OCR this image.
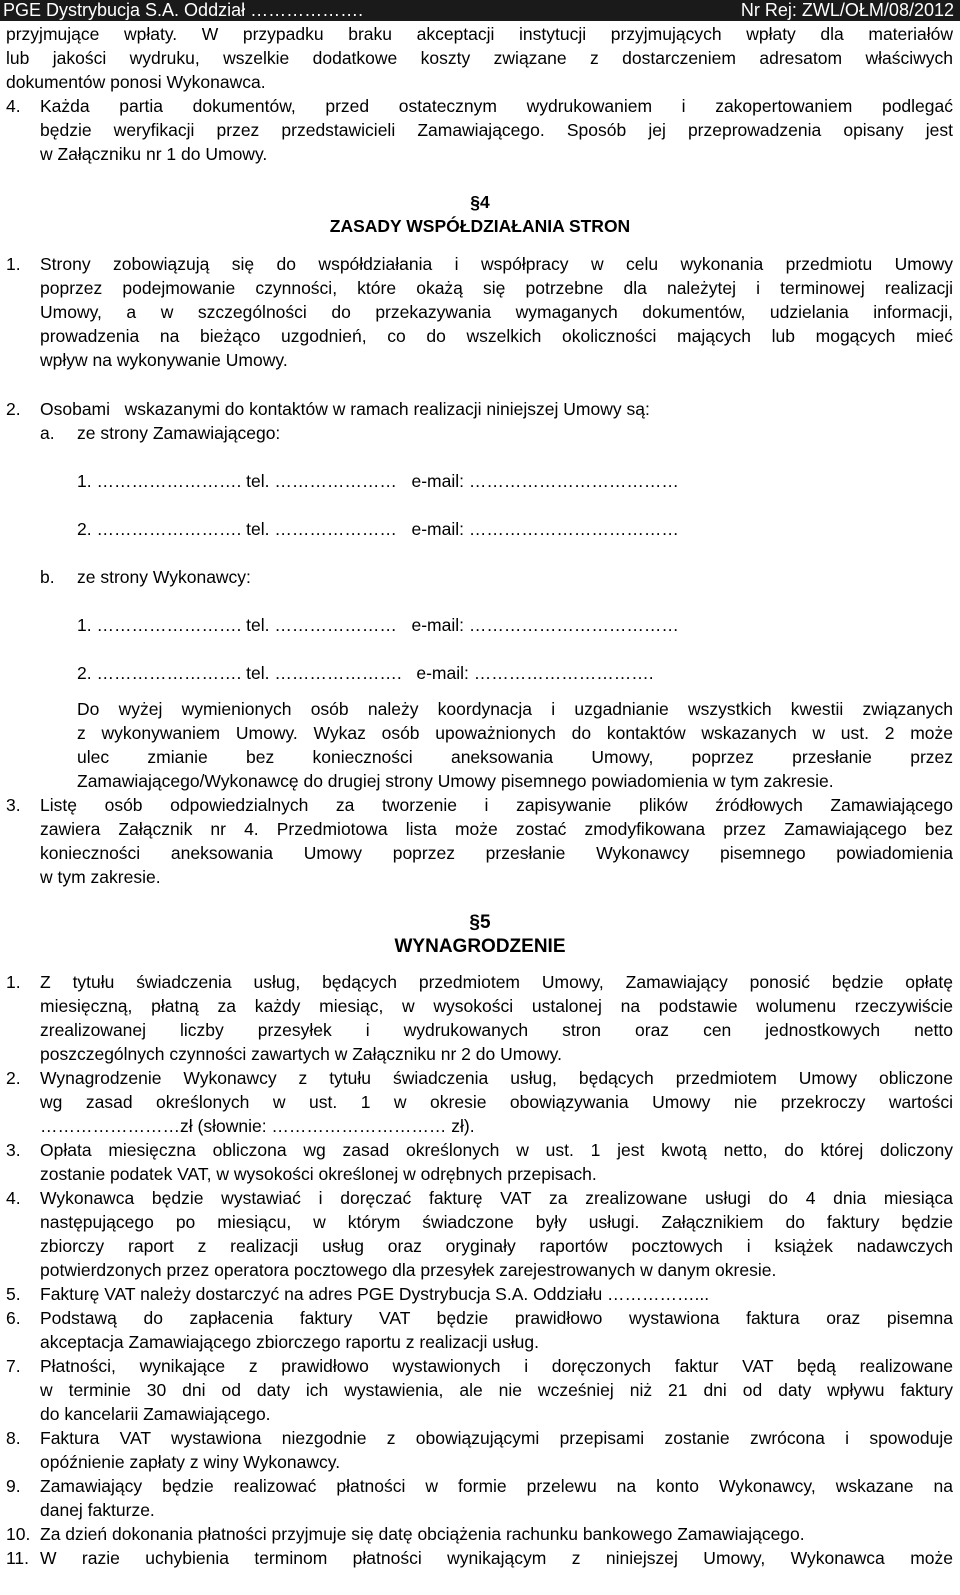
PGE Dystrybucja S.A. Oddział ……………….	Nr Rej: ZWL/OŁM/08/2012
przyjmujące wpłaty. W przypadku braku akceptacji instytucji przyjmujących wpłaty dla materiałów
lub jakości wydruku, wszelkie dodatkowe koszty związane z dostarczeniem adresatom właściwych
dokumentów ponosi Wykonawca.
4. Każda partia dokumentów, przed ostatecznym wydrukowaniem i zakopertowaniem podlegać
będzie weryfikacji przez przedstawicieli Zamawiającego. Sposób jej przeprowadzenia opisany jest
w Załączniku nr 1 do Umowy.
§4
ZASADY WSPÓŁDZIAŁANIA STRON
1. Strony zobowiązują się do współdziałania i współpracy w celu wykonania przedmiotu Umowy
poprzez podejmowanie czynności, które okażą się potrzebne dla należytej i terminowej realizacji
Umowy, a w szczególności do przekazywania wymaganych dokumentów, udzielania informacji,
prowadzenia na bieżąco uzgodnień, co do wszelkich okoliczności mających lub mogących mieć
wpływ na wykonywanie Umowy.
2. Osobami   wskazanymi do kontaktów w ramach realizacji niniejszej Umowy są:
a. ze strony Zamawiającego:
1. ……………………. tel. …………………   e-mail: ………………………………
2. ……………………. tel. …………………   e-mail: ………………………………
b. ze strony Wykonawcy:
1. ……………………. tel. …………………   e-mail: ………………………………
2. ……………………. tel. ………………….   e-mail: ………………………….
Do wyżej wymienionych osób należy koordynacja i uzgadnianie wszystkich kwestii związanych
z wykonywaniem Umowy. Wykaz osób upoważnionych do kontaktów wskazanych w ust. 2 może
ulec zmianie bez konieczności aneksowania Umowy, poprzez przesłanie przez
Zamawiającego/Wykonawcę do drugiej strony Umowy pisemnego powiadomienia w tym zakresie.
3. Listę osób odpowiedzialnych za tworzenie i zapisywanie plików źródłowych Zamawiającego
zawiera Załącznik nr 4. Przedmiotowa lista może zostać zmodyfikowana przez Zamawiającego bez
konieczności aneksowania Umowy poprzez przesłanie Wykonawcy pisemnego powiadomienia
w tym zakresie.
§5
WYNAGRODZENIE
1. Z tytułu świadczenia usług, będących przedmiotem Umowy, Zamawiający ponosić będzie opłatę
miesięczną, płatną za każdy miesiąc, w wysokości ustalonej na podstawie wolumenu rzeczywiście
zrealizowanej liczby przesyłek i wydrukowanych stron oraz cen jednostkowych netto
poszczególnych czynności zawartych w Załączniku nr 2 do Umowy.
2. Wynagrodzenie Wykonawcy z tytułu świadczenia usług, będących przedmiotem Umowy obliczone
wg zasad określonych w ust. 1 w okresie obowiązywania Umowy nie przekroczy wartości
……………………zł (słownie: ………………………… zł).
3. Opłata miesięczna obliczona wg zasad określonych w ust. 1 jest kwotą netto, do której doliczony
zostanie podatek VAT, w wysokości określonej w odrębnych przepisach.
4. Wykonawca będzie wystawiać i doręczać fakturę VAT za zrealizowane usługi do 4 dnia miesiąca
następującego po miesiącu, w którym świadczone były usługi. Załącznikiem do faktury będzie
zbiorczy raport z realizacji usług oraz oryginały raportów pocztowych i książek nadawczych
potwierdzonych przez operatora pocztowego dla przesyłek zarejestrowanych w danym okresie.
5. Fakturę VAT należy dostarczyć na adres PGE Dystrybucja S.A. Oddziału ……………...
6. Podstawą do zapłacenia faktury VAT będzie prawidłowo wystawiona faktura oraz pisemna
akceptacja Zamawiającego zbiorczego raportu z realizacji usług.
7. Płatności, wynikające z prawidłowo wystawionych i doręczonych faktur VAT będą realizowane
w terminie 30 dni od daty ich wystawienia, ale nie wcześniej niż 21 dni od daty wpływu faktury
do kancelarii Zamawiającego.
8. Faktura VAT wystawiona niezgodnie z obowiązującymi przepisami zostanie zwrócona i spowoduje
opóźnienie zapłaty z winy Wykonawcy.
9. Zamawiający będzie realizować płatności w formie przelewu na konto Wykonawcy, wskazane na
danej fakturze.
10. Za dzień dokonania płatności przyjmuje się datę obciążenia rachunku bankowego Zamawiającego.
11. W razie uchybienia terminom płatności wynikającym z niniejszej Umowy, Wykonawca może
